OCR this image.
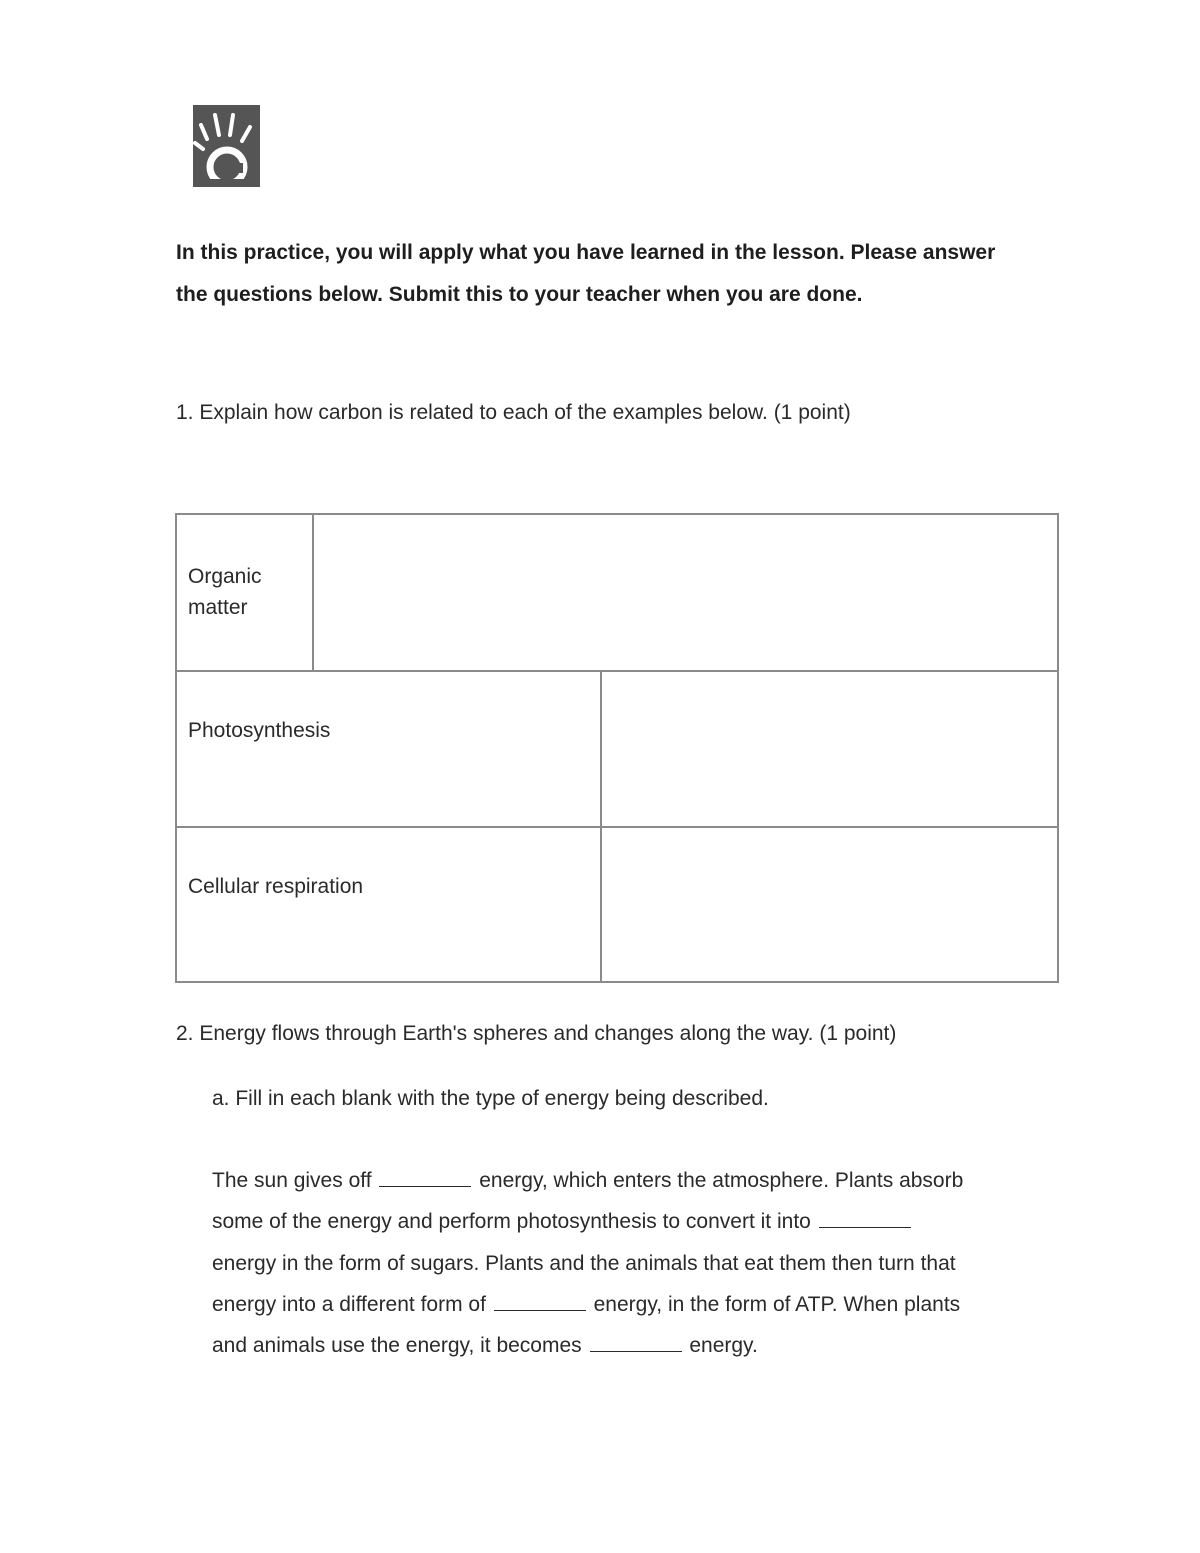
In this practice, you will apply what you have learned in the lesson. Please answer
the questions below. Submit this to your teacher when you are done.

1. Explain how carbon is related to each of the examples below. (1 point)

Organic
matter

Photosynthesis

Cellular respiration

2. Energy flows through Earth's spheres and changes along the way. (1 point)

a. Fill in each blank with the type of energy being described.

The sun gives off	energy, which enters the atmosphere. Plants absorb
some of the energy and perform photosynthesis to convert it into
energy in the form of sugars. Plants and the animals that eat them then turn that
energy into a different form of	energy, in the form of ATP. When plants
and animals use the energy, it becomes	energy.
